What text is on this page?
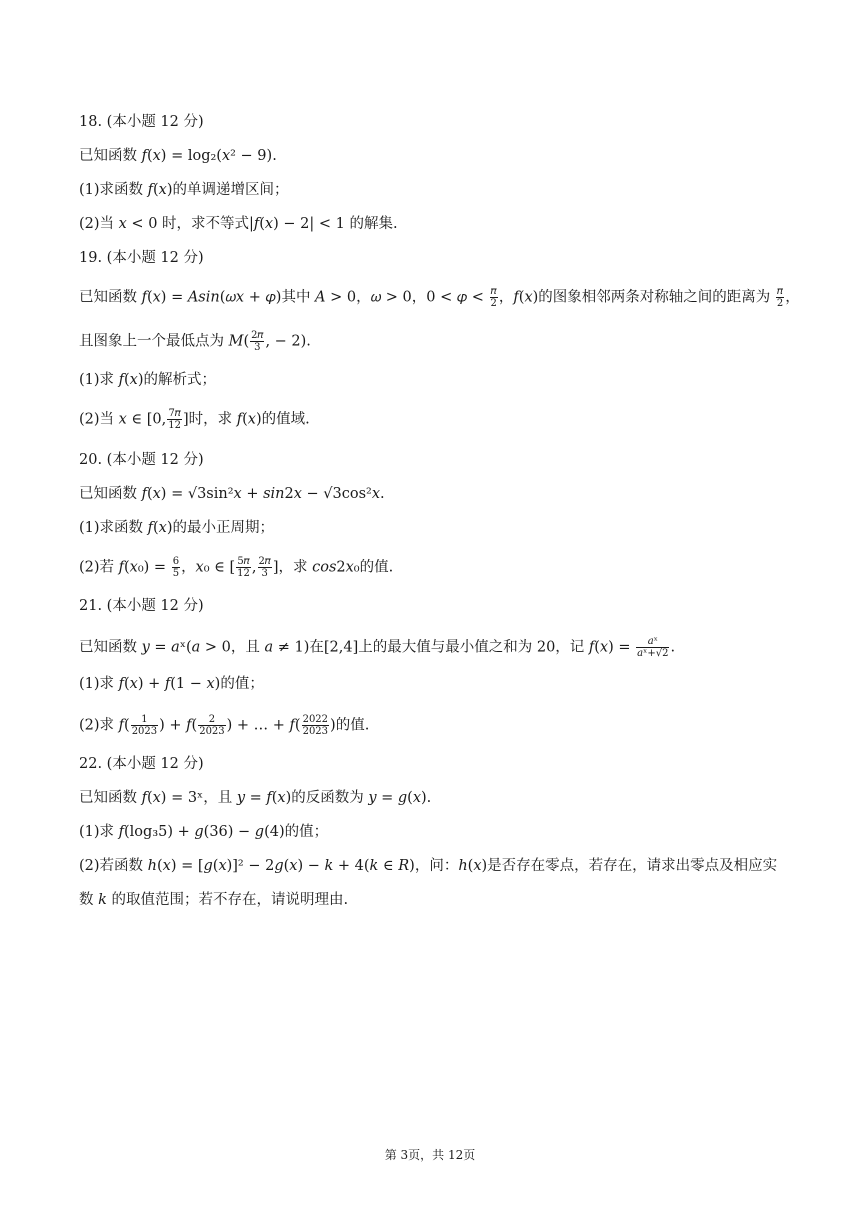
18. (本小题 12 分)
已知函数 𝑓(𝑥) = log₂(𝑥² − 9).
(1)求函数 𝑓(𝑥)的单调递增区间；
(2)当 𝑥 < 0 时，求不等式|𝑓(𝑥) − 2| < 1 的解集.
19. (本小题 12 分)
已知函数 𝑓(𝑥) = 𝐴𝑠𝑖𝑛(𝜔𝑥 + 𝜑)其中 𝐴 > 0，𝜔 > 0，0 < 𝜑 < $\frac{\text{𝜋}}{2}$ ，𝑓(𝑥)的图象相邻两条对称轴之间的距离为 $\frac{\text{𝜋}}{2}$ ，
且图象上一个最低点为 𝑀( $\frac{\text{2𝜋}}{3}$ , − 2).
(1)求 𝑓(𝑥)的解析式；
(2)当 𝑥 ∈ [0, $\frac{\text{7𝜋}}{12}$ ]时，求 𝑓(𝑥)的值域.
20. (本小题 12 分)
已知函数 𝑓(𝑥) = √3sin²𝑥 + 𝑠𝑖𝑛2𝑥 − √3cos²𝑥.
(1)求函数 𝑓(𝑥)的最小正周期；
(2)若 𝑓(𝑥₀) = $\frac{6}{5}$ ，𝑥₀ ∈ [ $\frac{\text{5𝜋}}{12}$ , $\frac{\text{2𝜋}}{3}$ ]，求 𝑐𝑜𝑠2𝑥₀的值.
21. (本小题 12 分)
已知函数 𝑦 = 𝑎ˣ(𝑎 > 0，且 𝑎 ≠ 1)在[2,4]上的最大值与最小值之和为 20，记 𝑓(𝑥) = $\frac{\text{𝑎ˣ}}{\text{𝑎ˣ+√2}}$ .
(1)求 𝑓(𝑥) + 𝑓(1 − 𝑥)的值；
(2)求 𝑓( $\frac{1}{2023}$ ) + 𝑓( $\frac{2}{2023}$ ) + … + 𝑓( $\frac{2022}{2023}$ )的值.
22. (本小题 12 分)
已知函数 𝑓(𝑥) = 3ˣ，且 𝑦 = 𝑓(𝑥)的反函数为 𝑦 = 𝑔(𝑥).
(1)求 𝑓(log₃5) + 𝑔(36) − 𝑔(4)的值；
(2)若函数 ℎ(𝑥) = [𝑔(𝑥)]² − 2𝑔(𝑥) − 𝑘 + 4(𝑘 ∈ 𝑅)，问：ℎ(𝑥)是否存在零点，若存在，请求出零点及相应实
数 𝑘 的取值范围；若不存在，请说明理由.
第 3页，共 12页
